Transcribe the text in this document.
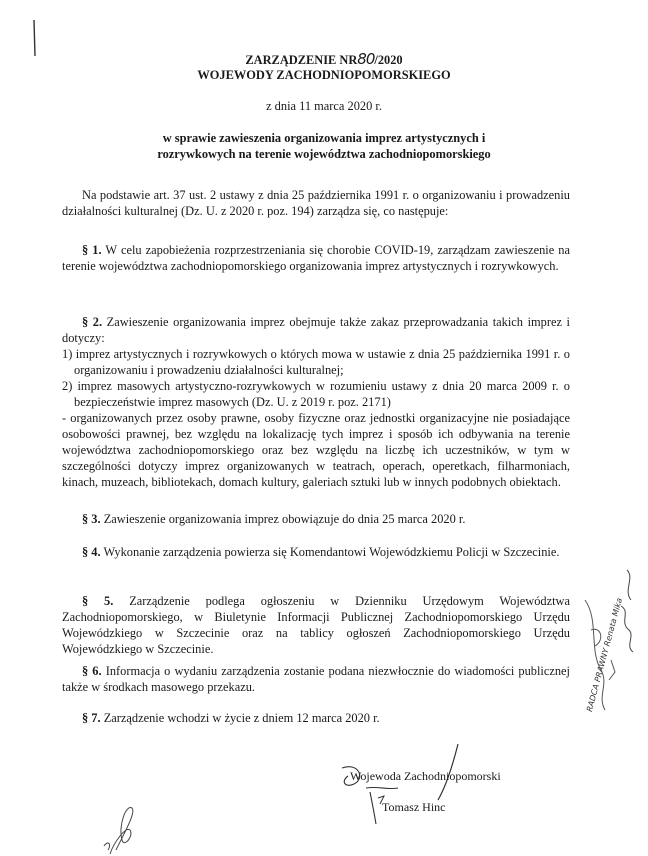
ZARZĄDZENIE NR80/2020
WOJEWODY ZACHODNIOPOMORSKIEGO
z dnia 11 marca 2020 r.
w sprawie zawieszenia organizowania imprez artystycznych i rozrywkowych na terenie województwa zachodniopomorskiego

Na podstawie art. 37 ust. 2 ustawy z dnia 25 października 1991 r. o organizowaniu i prowadzeniu działalności kulturalnej (Dz. U. z 2020 r. poz. 194) zarządza się, co następuje:

§ 1. W celu zapobieżenia rozprzestrzeniania się chorobie COVID-19, zarządzam zawieszenie na terenie województwa zachodniopomorskiego organizowania imprez artystycznych i rozrywkowych.

§ 2. Zawieszenie organizowania imprez obejmuje także zakaz przeprowadzania takich imprez i dotyczy:

1) imprez artystycznych i rozrywkowych o których mowa w ustawie z dnia 25 października 1991 r. o organizowaniu i prowadzeniu działalności kulturalnej;

2) imprez masowych artystyczno-rozrywkowych w rozumieniu ustawy z dnia 20 marca 2009 r. o bezpieczeństwie imprez masowych (Dz. U. z 2019 r. poz. 2171)

- organizowanych przez osoby prawne, osoby fizyczne oraz jednostki organizacyjne nie posiadające osobowości prawnej, bez względu na lokalizację tych imprez i sposób ich odbywania na terenie województwa zachodniopomorskiego oraz bez względu na liczbę ich uczestników, w tym w szczególności dotyczy imprez organizowanych w teatrach, operach, operetkach, filharmoniach, kinach, muzeach, bibliotekach, domach kultury, galeriach sztuki lub w innych podobnych obiektach.

§ 3. Zawieszenie organizowania imprez obowiązuje do dnia 25 marca 2020 r.

§ 4. Wykonanie zarządzenia powierza się Komendantowi Wojewódzkiemu Policji w Szczecinie.

§ 5. Zarządzenie podlega ogłoszeniu w Dzienniku Urzędowym Województwa Zachodniopomorskiego, w Biuletynie Informacji Publicznej Zachodniopomorskiego Urzędu Wojewódzkiego w Szczecinie oraz na tablicy ogłoszeń Zachodniopomorskiego Urzędu Wojewódzkiego w Szczecinie.

§ 6. Informacja o wydaniu zarządzenia zostanie podana niezwłocznie do wiadomości publicznej także w środkach masowego przekazu.

§ 7. Zarządzenie wchodzi w życie z dniem 12 marca 2020 r.

Wojewoda Zachodniopomorski
Tomasz Hinc
RADCA PRAWNY Renata Mika
